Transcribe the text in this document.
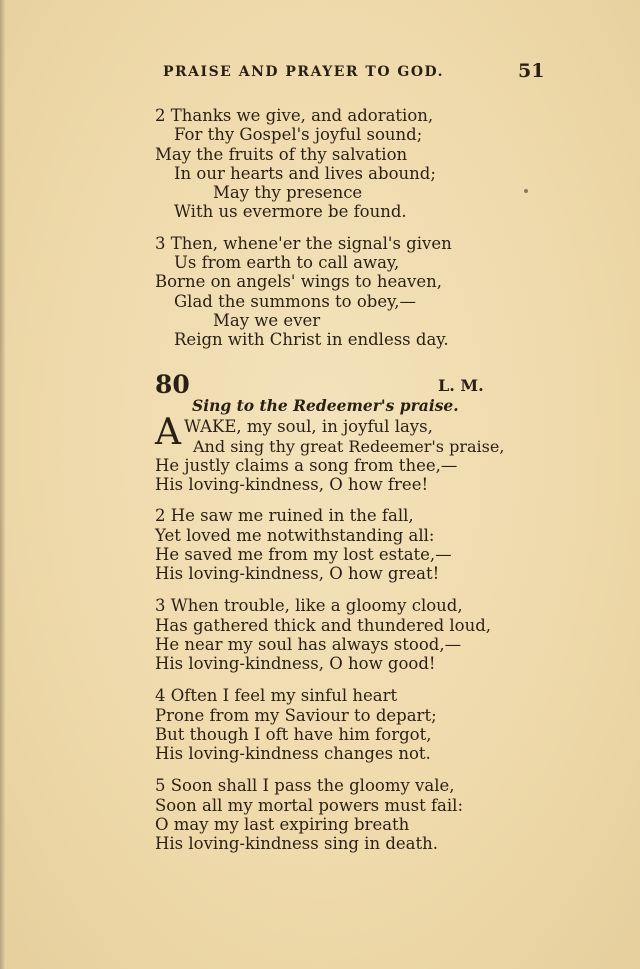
PRAISE AND PRAYER TO GOD.	51
2 Thanks we give, and adoration,
For thy Gospel's joyful sound;
May the fruits of thy salvation
In our hearts and lives abound;
May thy presence
With us evermore be found.
3 Then, whene'er the signal's given
Us from earth to call away,
Borne on angels' wings to heaven,
Glad the summons to obey,—
May we ever
Reign with Christ in endless day.
80	L. M.
Sing to the Redeemer's praise.
A WAKE, my soul, in joyful lays,
And sing thy great Redeemer's praise,
He justly claims a song from thee,—
His loving-kindness, O how free!
2 He saw me ruined in the fall,
Yet loved me notwithstanding all:
He saved me from my lost estate,—
His loving-kindness, O how great!
3 When trouble, like a gloomy cloud,
Has gathered thick and thundered loud,
He near my soul has always stood,—
His loving-kindness, O how good!
4 Often I feel my sinful heart
Prone from my Saviour to depart;
But though I oft have him forgot,
His loving-kindness changes not.
5 Soon shall I pass the gloomy vale,
Soon all my mortal powers must fail:
O may my last expiring breath
His loving-kindness sing in death.
